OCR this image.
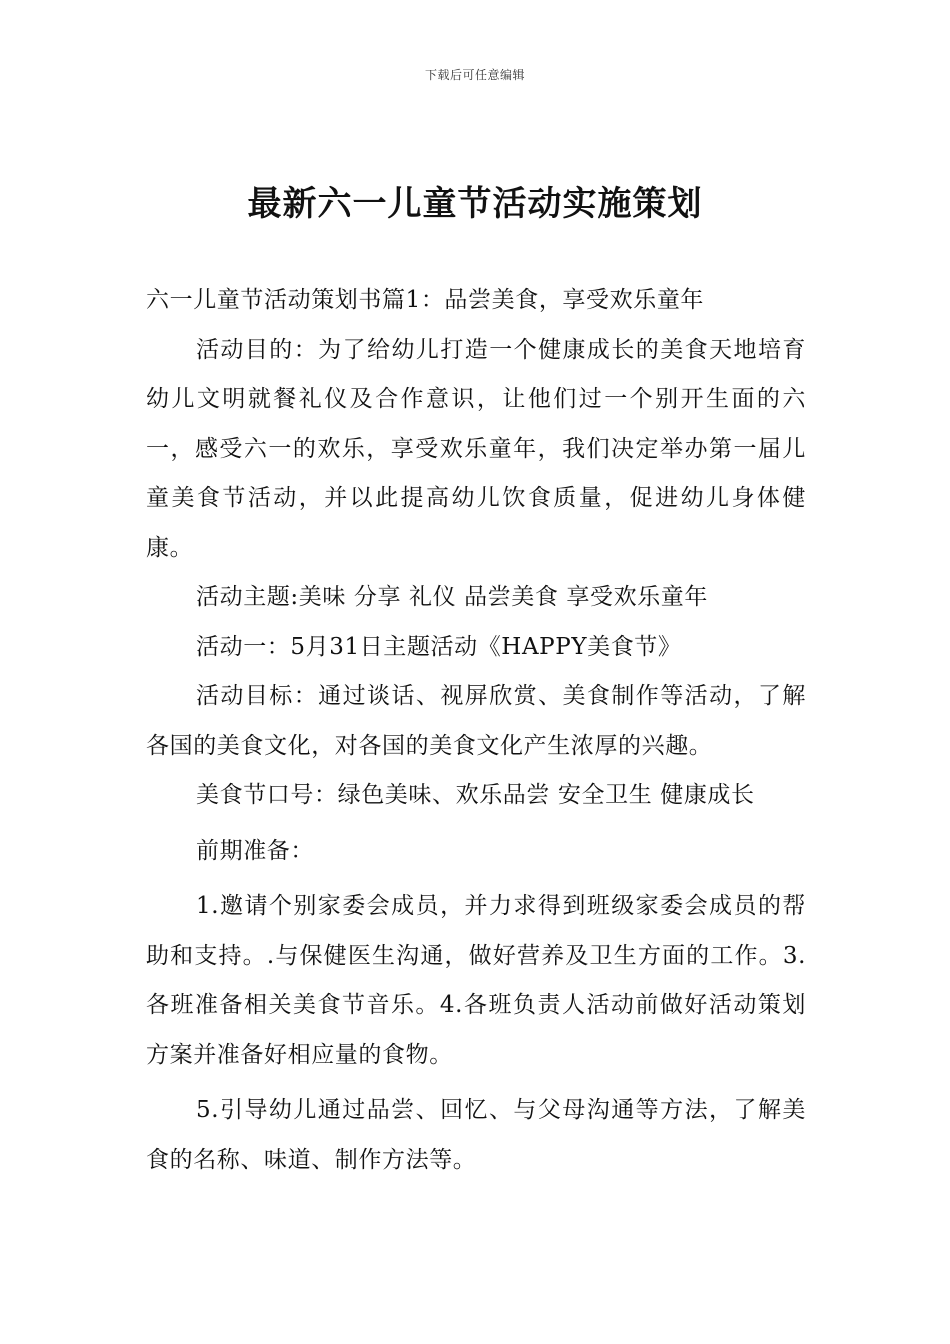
下载后可任意编辑
最新六一儿童节活动实施策划

六一儿童节活动策划书篇1：品尝美食，享受欢乐童年

活动目的：为了给幼儿打造一个健康成长的美食天地培育幼儿文明就餐礼仪及合作意识，让他们过一个别开生面的六一，感受六一的欢乐，享受欢乐童年，我们决定举办第一届儿童美食节活动，并以此提高幼儿饮食质量，促进幼儿身体健康。

活动主题:美味 分享 礼仪 品尝美食 享受欢乐童年

活动一：5月31日主题活动《HAPPY美食节》

活动目标：通过谈话、视屏欣赏、美食制作等活动，了解各国的美食文化，对各国的美食文化产生浓厚的兴趣。

美食节口号：绿色美味、欢乐品尝 安全卫生 健康成长

前期准备：

1.邀请个别家委会成员，并力求得到班级家委会成员的帮助和支持。.与保健医生沟通，做好营养及卫生方面的工作。3.各班准备相关美食节音乐。4.各班负责人活动前做好活动策划方案并准备好相应量的食物。

5.引导幼儿通过品尝、回忆、与父母沟通等方法，了解美食的名称、味道、制作方法等。
